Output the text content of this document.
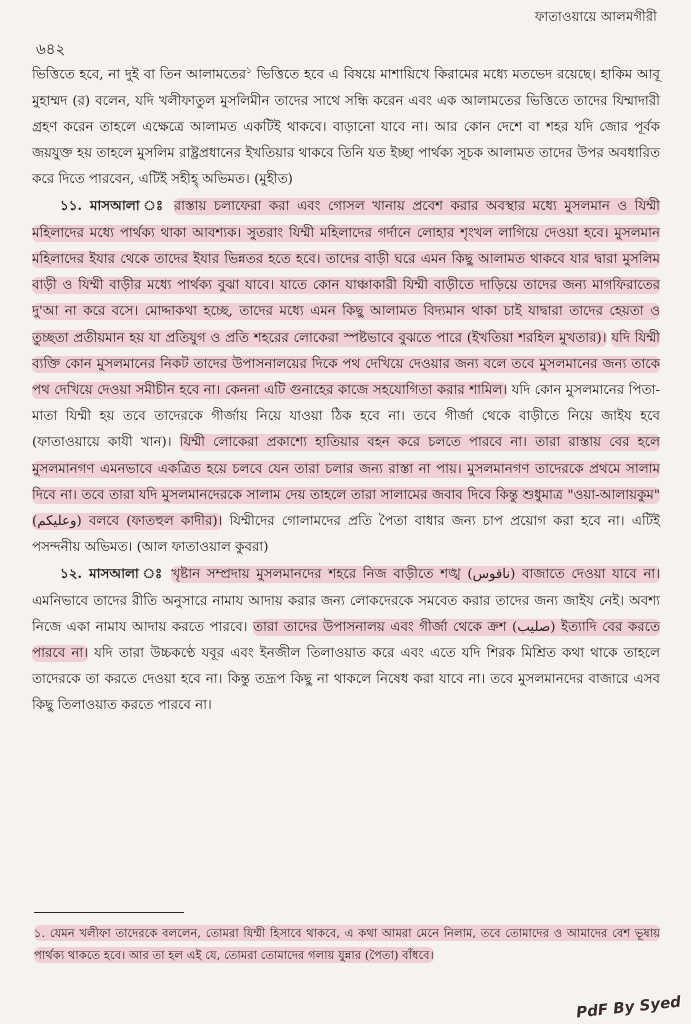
ফাতাওয়ায়ে আলমগীরী
৬৪২

ভিত্তিতে হবে, না দুই বা তিন আলামতের$^১$ ভিত্তিতে হবে এ বিষয়ে মাশায়িখে কিরামের মধ্যে মতভেদ রয়েছে। হাকিম আবূ মুহাম্মদ (র) বলেন, যদি খলীফাতুল মুসলিমীন তাদের সাথে সন্ধি করেন এবং এক আলামতের ভিত্তিতে তাদের যিম্মাদারী গ্রহণ করেন তাহলে এক্ষেত্রে আলামত একটিই থাকবে। বাড়ানো যাবে না। আর কোন দেশে বা শহর যদি জোর পূর্বক জয়যুক্ত হয় তাহলে মুসলিম রাষ্ট্রপ্রধানের ইখতিয়ার থাকবে তিনি যত ইচ্ছা পার্থক্য সূচক আলামত তাদের উপর অবধারিত করে দিতে পারবেন, এটিই সহীহ্ অভিমত। (মুহীত)

১১. মাসআলা ঃ রাস্তায় চলাফেরা করা এবং গোসল খানায় প্রবেশ করার অবস্থার মধ্যে মুসলমান ও যিম্মী মহিলাদের মধ্যে পার্থক্য থাকা আবশ্যক। সুতরাং যিম্মী মহিলাদের গর্দানে লোহার শৃংখল লাগিয়ে দেওয়া হবে। মুসলমান মহিলাদের ইযার থেকে তাদের ইযার ভিন্নতর হতে হবে। তাদের বাড়ী ঘরে এমন কিছু আলামত থাকবে যার দ্বারা মুসলিম বাড়ী ও যিম্মী বাড়ীর মধ্যে পার্থক্য বুঝা যাবে। যাতে কোন যাঞ্চাকারী যিম্মী বাড়ীতে দাড়িয়ে তাদের জন্য মাগফিরাতের দু'আ না করে বসে। মোদ্দাকথা হচ্ছে, তাদের মধ্যে এমন কিছু আলামত বিদ্যমান থাকা চাই যাদ্বারা তাদের হেয়তা ও তুচ্ছতা প্রতীয়মান হয় যা প্রতিযুগ ও প্রতি শহরের লোকেরা স্পষ্টভাবে বুঝতে পারে (ইখতিয়া শরহিল মুখতার)। যদি যিম্মী ব্যক্তি কোন মুসলমানের নিকট তাদের উপাসনালয়ের দিকে পথ দেখিয়ে দেওয়ার জন্য বলে তবে মুসলমানের জন্য তাকে পথ দেখিয়ে দেওয়া সমীচীন হবে না। কেননা এটি গুনাহের কাজে সহযোগিতা করার শামিল। যদি কোন মুসলমানের পিতা-মাতা যিম্মী হয় তবে তাদেরকে গীর্জায় নিয়ে যাওয়া ঠিক হবে না। তবে গীর্জা থেকে বাড়ীতে নিয়ে জাইয হবে (ফাতাওয়ায়ে কাযী খান)। যিম্মী লোকেরা প্রকাশ্যে হাতিয়ার বহন করে চলতে পারবে না। তারা রাস্তায় বের হলে মুসলমানগণ এমনভাবে একত্রিত হয়ে চলবে যেন তারা চলার জন্য রাস্তা না পায়। মুসলমানগণ তাদেরকে প্রথমে সালাম দিবে না। তবে তারা যদি মুসলমানদেরকে সালাম দেয় তাহলে তারা সালামের জবাব দিবে কিন্তু শুধুমাত্র "ওয়া-আলায়কুম" (وعليكم) বলবে (ফাতহুল কাদীর)। যিম্মীদের গোলামদের প্রতি পৈতা বাধার জন্য চাপ প্রয়োগ করা হবে না। এটিই পসন্দনীয় অভিমত। (আল ফাতাওয়াল কুবরা)

১২. মাসআলা ঃ খৃষ্টান সম্প্রদায় মুসলমানদের শহরে নিজ বাড়ীতে শঙ্খ (ناقوس) বাজাতে দেওয়া যাবে না। এমনিভাবে তাদের রীতি অনুসারে নামায আদায় করার জন্য লোকদেরকে সমবেত করার তাদের জন্য জাইয নেই। অবশ্য নিজে একা নামায আদায় করতে পারবে। তারা তাদের উপাসনালয় এবং গীর্জা থেকে ক্রশ (صليب) ইত্যাদি বের করতে পারবে না। যদি তারা উচ্চকণ্ঠে যবূর এবং ইনজীল তিলাওয়াত করে এবং এতে যদি শিরক মিশ্রিত কথা থাকে তাহলে তাদেরকে তা করতে দেওয়া হবে না। কিন্তু তদ্রূপ কিছু না থাকলে নিষেধ করা যাবে না। তবে মুসলমানদের বাজারে এসব কিছু তিলাওয়াত করতে পারবে না।

১. যেমন খলীফা তাদেরকে বললেন, তোমরা যিম্মী হিসাবে থাকবে, এ কথা আমরা মেনে নিলাম, তবে তোমাদের ও আমাদের বেশ ভূষায় পার্থক্য থাকতে হবে। আর তা হল এই যে, তোমরা তোমাদের গলায় যুন্নার (পৈতা) বাঁধবে।
PdF By Syed
